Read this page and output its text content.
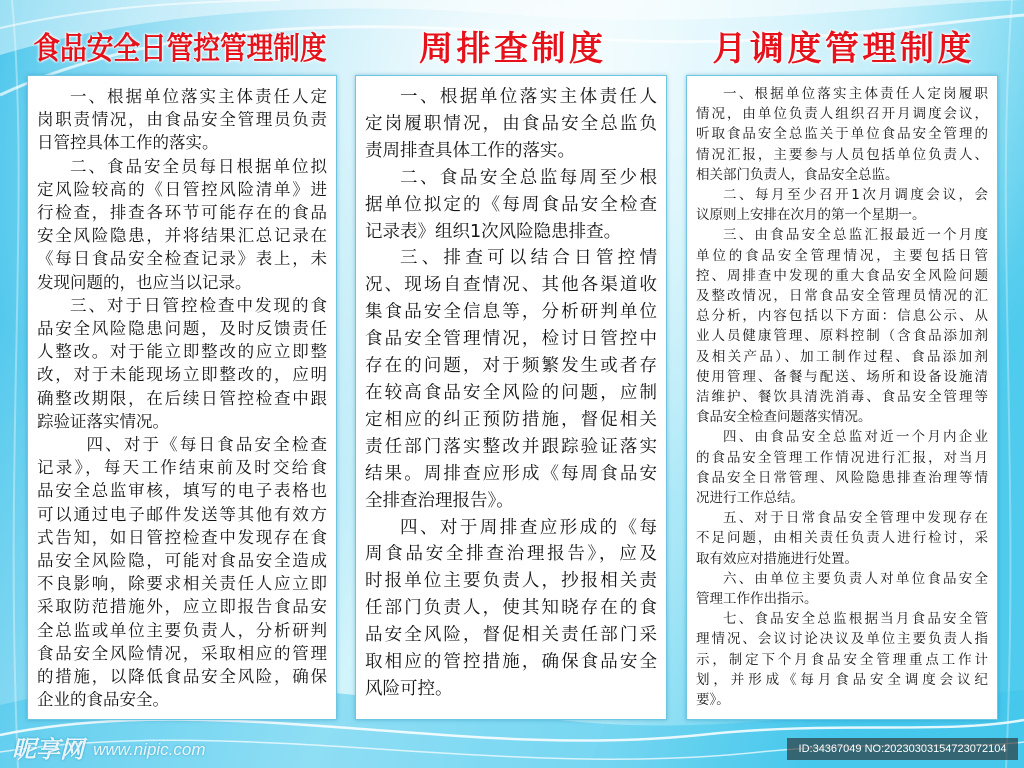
食品安全日管控管理制度	周排查制度	月调度管理制度
一、根据单位落实主体责任人定
岗职责情况，由食品安全管理员负责
日管控具体工作的落实。
二、食品安全员每日根据单位拟
定风险较高的《日管控风险清单》进
行检查，排查各环节可能存在的食品
安全风险隐患，并将结果汇总记录在
《每日食品安全检查记录》表上，未
发现问题的，也应当以记录。
三、对于日管控检查中发现的食
品安全风险隐患问题，及时反馈责任
人整改。对于能立即整改的应立即整
改，对于未能现场立即整改的，应明
确整改期限，在后续日管控检查中跟
踪验证落实情况。
四、对于《每日食品安全检查
记录》，每天工作结束前及时交给食
品安全总监审核，填写的电子表格也
可以通过电子邮件发送等其他有效方
式告知，如日管控检查中发现存在食
品安全风险隐，可能对食品安全造成
不良影响，除要求相关责任人应立即
采取防范措施外，应立即报告食品安
全总监或单位主要负责人，分析研判
食品安全风险情况，采取相应的管理
的措施，以降低食品安全风险，确保
企业的食品安全。
一、根据单位落实主体责任人
定岗履职情况，由食品安全总监负
责周排查具体工作的落实。
二、食品安全总监每周至少根
据单位拟定的《每周食品安全检查
记录表》组织1次风险隐患排查。
三、排查可以结合日管控情
况、现场自查情况、其他各渠道收
集食品安全信息等，分析研判单位
食品安全管理情况，检讨日管控中
存在的问题，对于频繁发生或者存
在较高食品安全风险的问题，应制
定相应的纠正预防措施，督促相关
责任部门落实整改并跟踪验证落实
结果。周排查应形成《每周食品安
全排查治理报告》。
四、对于周排查应形成的《每
周食品安全排查治理报告》，应及
时报单位主要负责人，抄报相关责
任部门负责人，使其知晓存在的食
品安全风险，督促相关责任部门采
取相应的管控措施，确保食品安全
风险可控。
一、根据单位落实主体责任人定岗履职
情况，由单位负责人组织召开月调度会议，
听取食品安全总监关于单位食品安全管理的
情况汇报，主要参与人员包括单位负责人、
相关部门负责人，食品安全总监。
二、每月至少召开1次月调度会议，会
议原则上安排在次月的第一个星期一。
三、由食品安全总监汇报最近一个月度
单位的食品安全管理情况，主要包括日管
控、周排查中发现的重大食品安全风险问题
及整改情况，日常食品安全管理员情况的汇
总分析，内容包括以下方面：信息公示、从
业人员健康管理、原料控制（含食品添加剂
及相关产品）、加工制作过程、食品添加剂
使用管理、备餐与配送、场所和设备设施清
洁维护、餐饮具清洗消毒、食品安全管理等
食品安全检查问题落实情况。
四、由食品安全总监对近一个月内企业
的食品安全管理工作情况进行汇报，对当月
食品安全日常管理、风险隐患排查治理等情
况进行工作总结。
五、对于日常食品安全管理中发现存在
不足问题，由相关责任负责人进行检讨，采
取有效应对措施进行处置。
六、由单位主要负责人对单位食品安全
管理工作作出指示。
七、食品安全总监根据当月食品安全管
理情况、会议讨论决议及单位主要负责人指
示，制定下个月食品安全管理重点工作计
划，并形成《每月食品安全调度会议纪
要》。
昵享网 www.nipic.com	ID:34367049 NO:20230303154723072104
